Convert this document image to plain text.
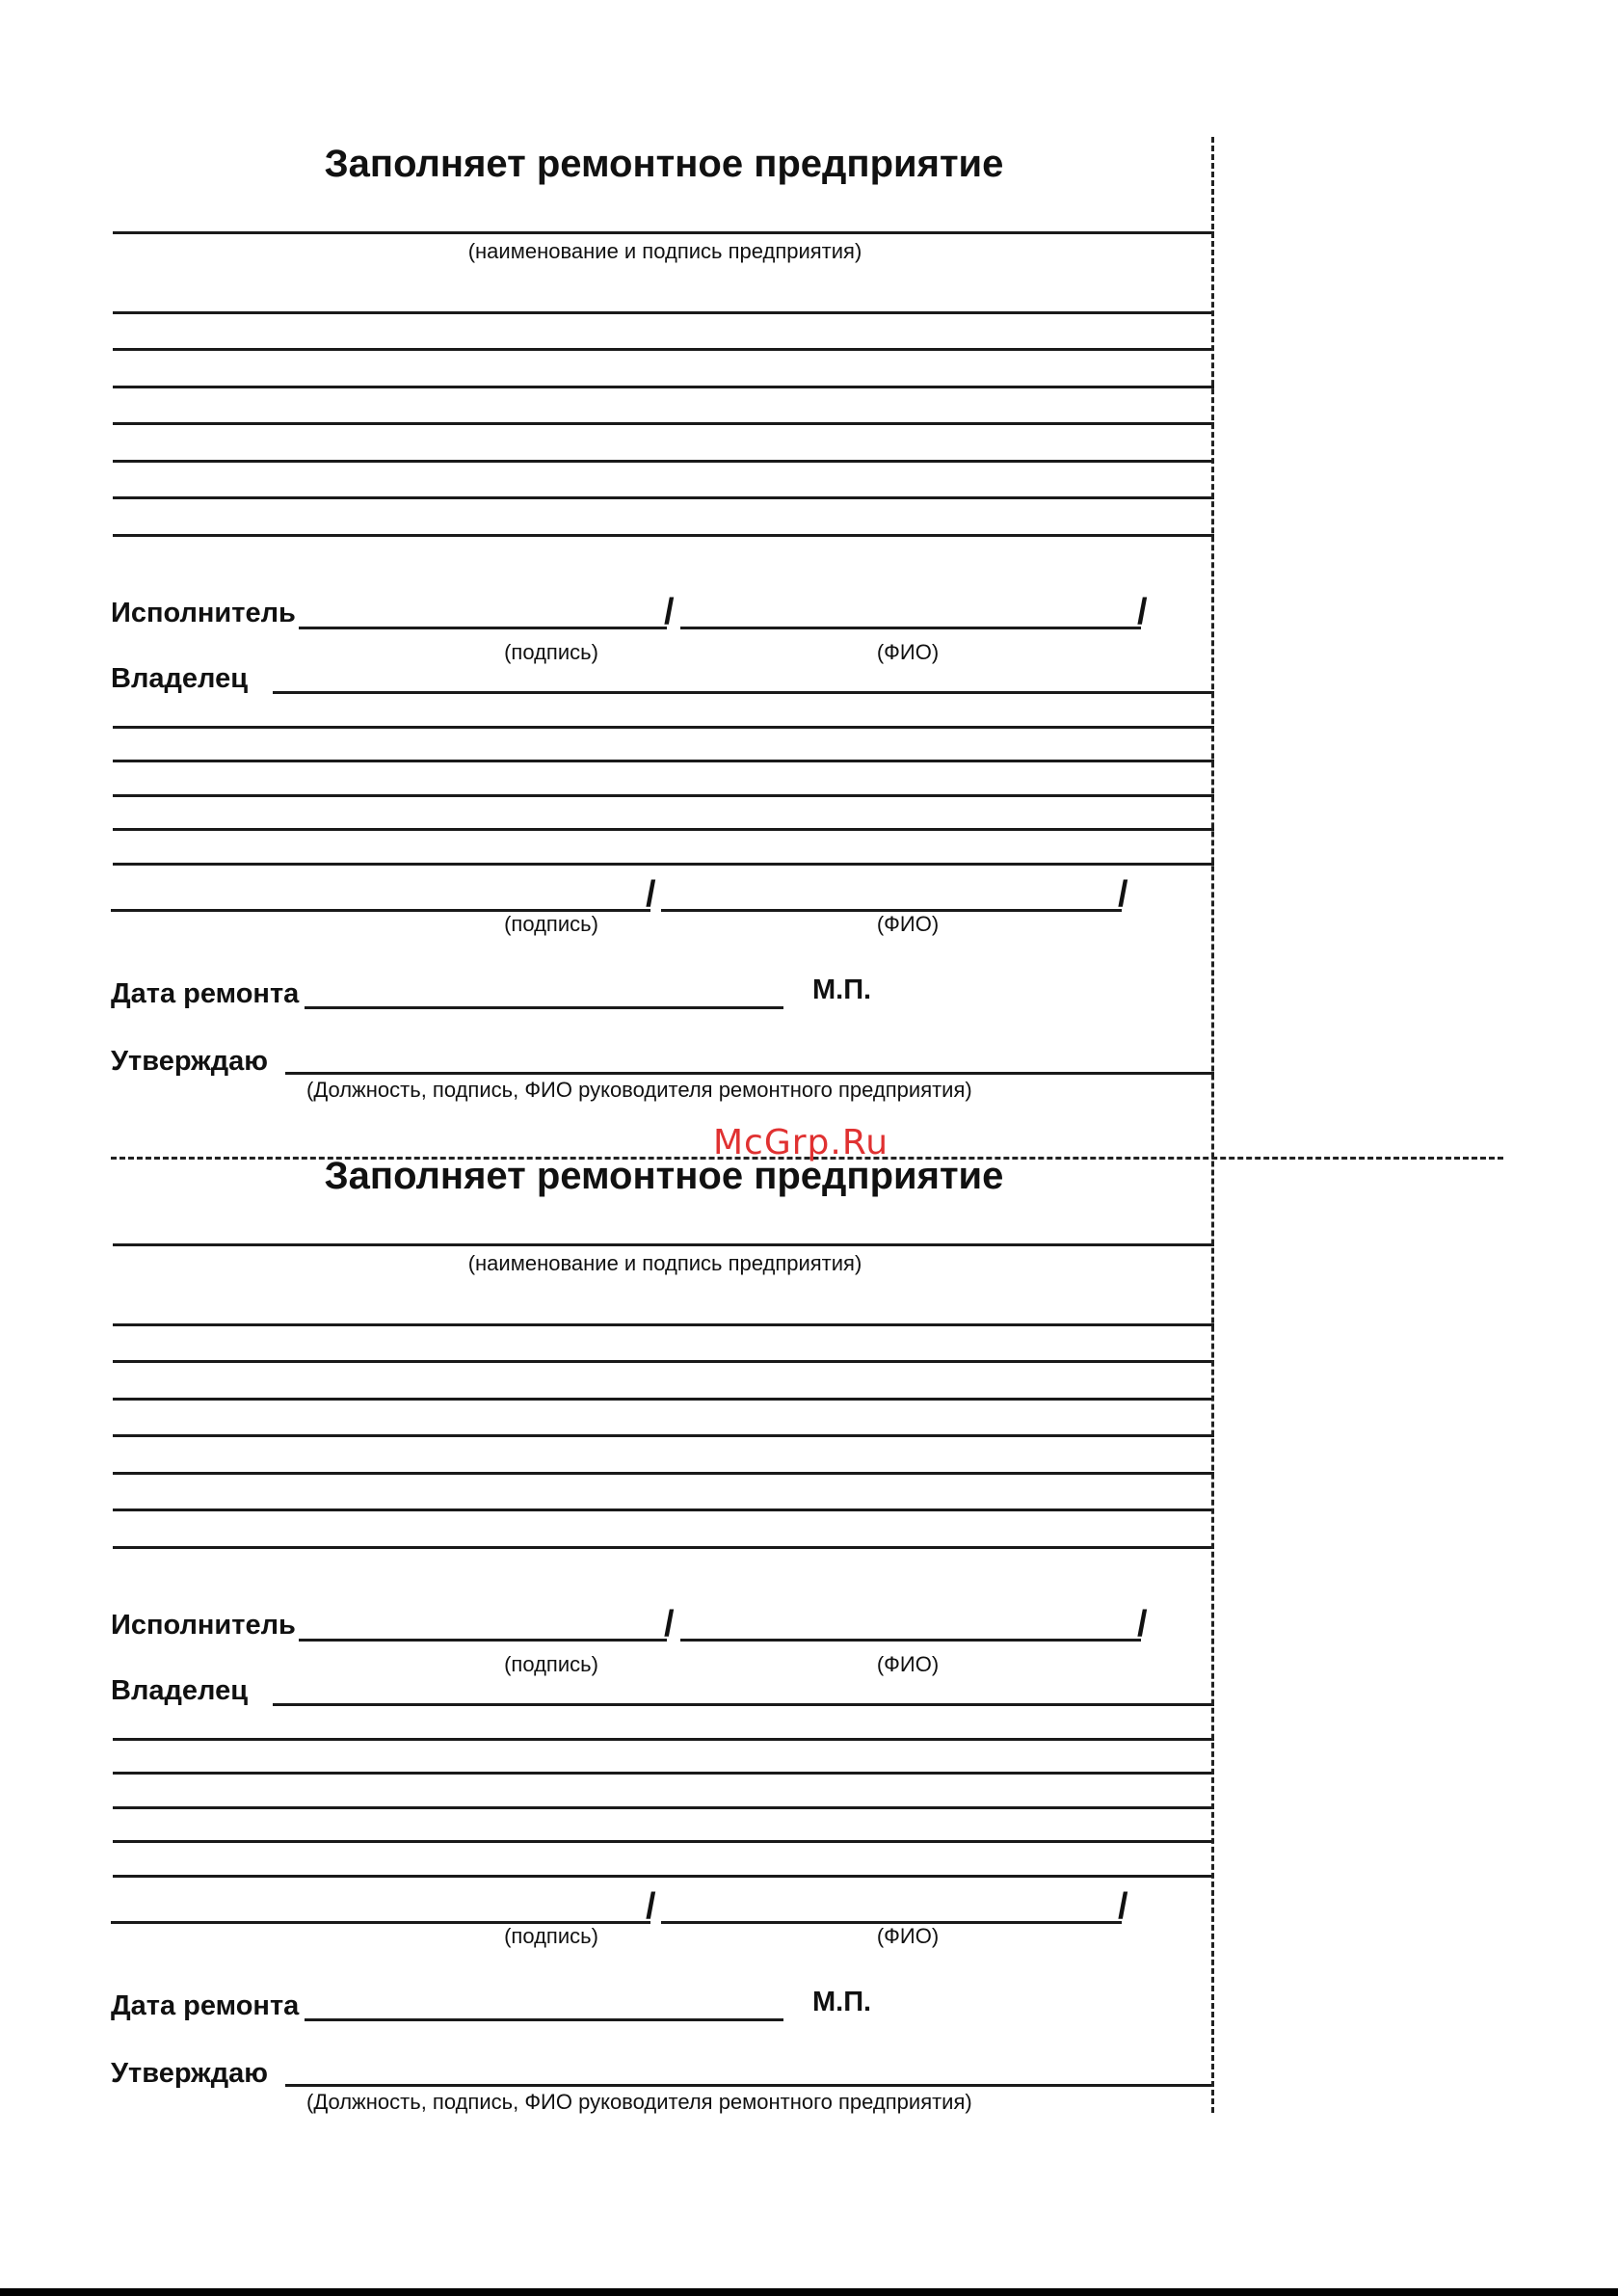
Заполняет ремонтное предприятие
(наименование и подпись предприятия)
Исполнитель	/	/
(подпись)	(ФИО)
Владелец
/	/
(подпись)	(ФИО)
Дата ремонта	М.П.
Утверждаю
(Должность, подпись, ФИО руководителя ремонтного предприятия)
Заполняет ремонтное предприятие
(наименование и подпись предприятия)
Исполнитель	/	/
(подпись)	(ФИО)
Владелец
/	/
(подпись)	(ФИО)
Дата ремонта	М.П.
Утверждаю
(Должность, подпись, ФИО руководителя ремонтного предприятия)
McGrp.Ru
